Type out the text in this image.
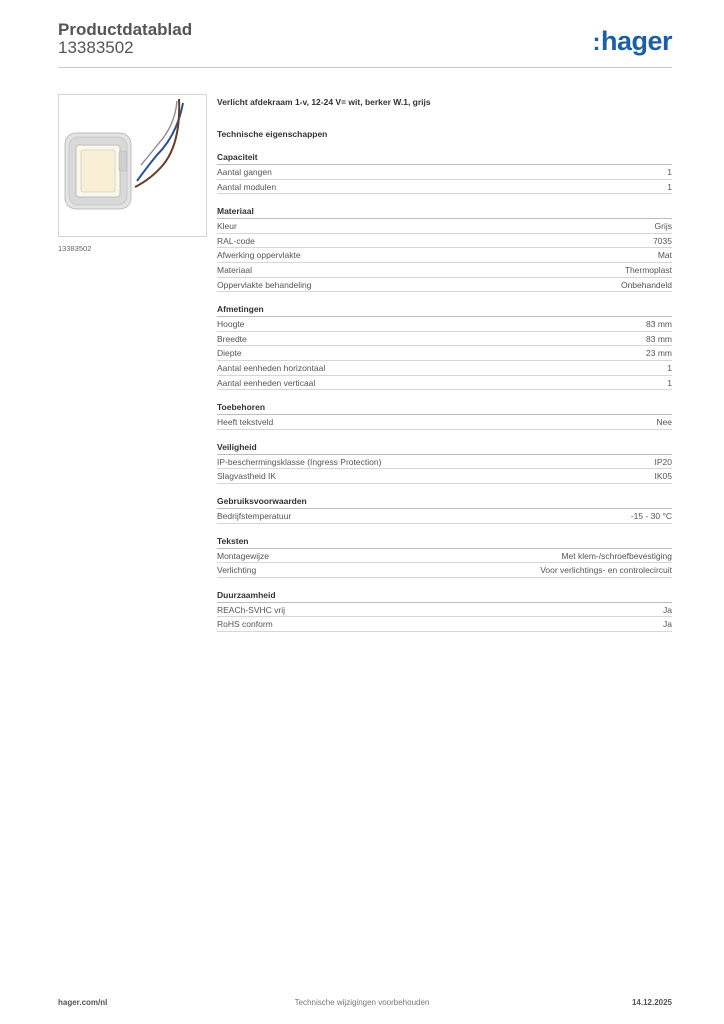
Productdatablad
13383502	:hager
13383502
Verlicht afdekraam 1-v, 12-24 V= wit, berker W.1, grijs
Technische eigenschappen
Capaciteit
Aantal gangen	1
Aantal modulen	1
Materiaal
Kleur	Grijs
RAL-code	7035
Afwerking oppervlakte	Mat
Materiaal	Thermoplast
Oppervlakte behandeling	Onbehandeld
Afmetingen
Hoogte	83 mm
Breedte	83 mm
Diepte	23 mm
Aantal eenheden horizontaal	1
Aantal eenheden verticaal	1
Toebehoren
Heeft tekstveld	Nee
Veiligheid
IP-beschermingsklasse (Ingress Protection)	IP20
Slagvastheid IK	IK05
Gebruiksvoorwaarden
Bedrijfstemperatuur	-15 - 30 °C
Teksten
Montagewijze	Met klem-/schroefbevestiging
Verlichting	Voor verlichtings- en controlecircuit
Duurzaamheid
REACh-SVHC vrij	Ja
RoHS conform	Ja
hager.com/nl	Technische wijzigingen voorbehouden	14.12.2025
